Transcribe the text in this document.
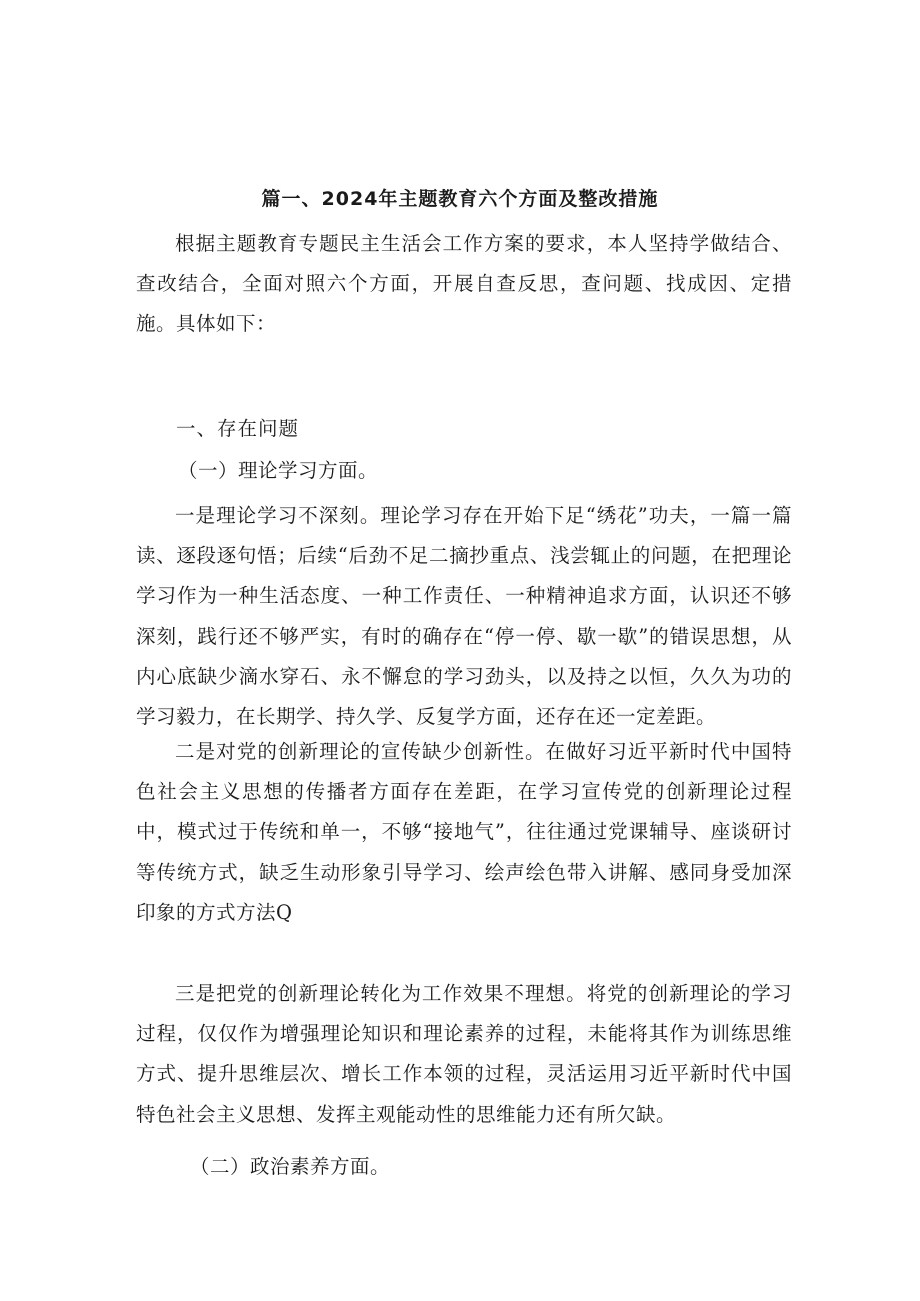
篇一、2024年主题教育六个方面及整改措施

根据主题教育专题民主生活会工作方案的要求，本人坚持学做结合、查改结合，全面对照六个方面，开展自查反思，查问题、找成因、定措施。具体如下：

一、存在问题
（一）理论学习方面。

一是理论学习不深刻。理论学习存在开始下足“绣花”功夫，一篇一篇读、逐段逐句悟；后续“后劲不足二摘抄重点、浅尝辄止的问题，在把理论学习作为一种生活态度、一种工作责任、一种精神追求方面，认识还不够深刻，践行还不够严实，有时的确存在“停一停、歇一歇”的错误思想，从内心底缺少滴水穿石、永不懈怠的学习劲头，以及持之以恒，久久为功的学习毅力，在长期学、持久学、反复学方面，还存在还一定差距。

二是对党的创新理论的宣传缺少创新性。在做好习近平新时代中国特色社会主义思想的传播者方面存在差距，在学习宣传党的创新理论过程中，模式过于传统和单一，不够“接地气”，往往通过党课辅导、座谈研讨等传统方式，缺乏生动形象引导学习、绘声绘色带入讲解、感同身受加深印象的方式方法Q

三是把党的创新理论转化为工作效果不理想。将党的创新理论的学习过程，仅仅作为增强理论知识和理论素养的过程，未能将其作为训练思维方式、提升思维层次、增长工作本领的过程，灵活运用习近平新时代中国特色社会主义思想、发挥主观能动性的思维能力还有所欠缺。

（二）政治素养方面。
